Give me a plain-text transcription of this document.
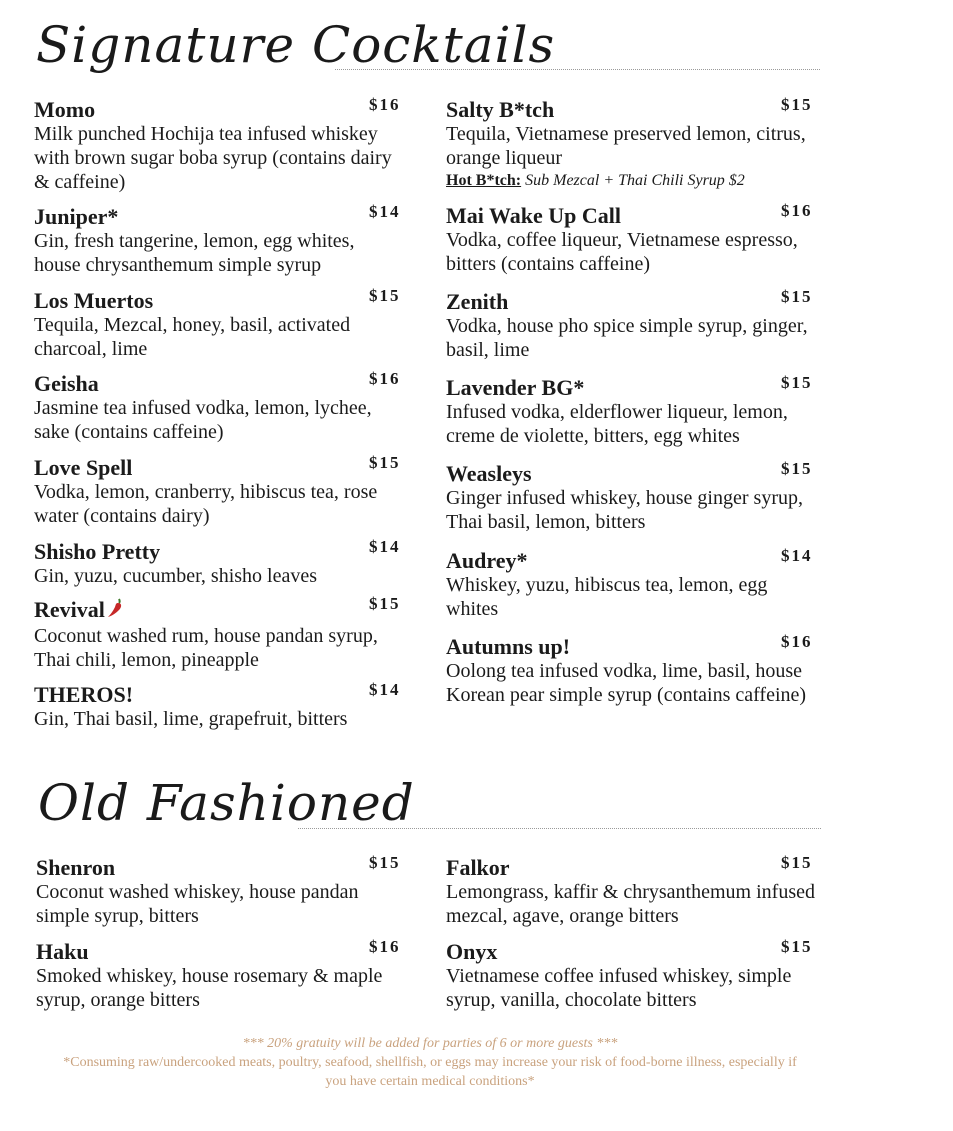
Signature Cocktails
Momo	$16
Milk punched Hochija tea infused whiskey with brown sugar boba syrup (contains dairy & caffeine)
Juniper*	$14
Gin, fresh tangerine, lemon, egg whites, house chrysanthemum simple syrup
Los Muertos	$15
Tequila, Mezcal, honey, basil, activated charcoal, lime
Geisha	$16
Jasmine tea infused vodka, lemon, lychee, sake (contains caffeine)
Love Spell	$15
Vodka, lemon, cranberry, hibiscus tea, rose water (contains dairy)
Shisho Pretty	$14
Gin, yuzu, cucumber, shisho leaves
Revival	$15
Coconut washed rum, house pandan syrup, Thai chili, lemon, pineapple
THEROS!	$14
Gin, Thai basil, lime, grapefruit, bitters
Salty B*tch	$15
Tequila, Vietnamese preserved lemon, citrus, orange liqueur
Hot B*tch: Sub Mezcal + Thai Chili Syrup $2
Mai Wake Up Call	$16
Vodka, coffee liqueur, Vietnamese espresso, bitters (contains caffeine)
Zenith	$15
Vodka, house pho spice simple syrup, ginger, basil, lime
Lavender BG*	$15
Infused vodka, elderflower liqueur, lemon, creme de violette, bitters, egg whites
Weasleys	$15
Ginger infused whiskey, house ginger syrup, Thai basil, lemon, bitters
Audrey*	$14
Whiskey, yuzu, hibiscus tea, lemon, egg whites
Autumns up!	$16
Oolong tea infused vodka, lime, basil, house Korean pear simple syrup (contains caffeine)
Old Fashioned
Shenron	$15
Coconut washed whiskey, house pandan simple syrup, bitters
Haku	$16
Smoked whiskey, house rosemary & maple syrup, orange bitters
Falkor	$15
Lemongrass, kaffir & chrysanthemum infused mezcal, agave, orange bitters
Onyx	$15
Vietnamese coffee infused whiskey, simple syrup, vanilla, chocolate bitters
*** 20% gratuity will be added for parties of 6 or more guests ***
*Consuming raw/undercooked meats, poultry, seafood, shellfish, or eggs may increase your risk of food-borne illness, especially if you have certain medical conditions*
